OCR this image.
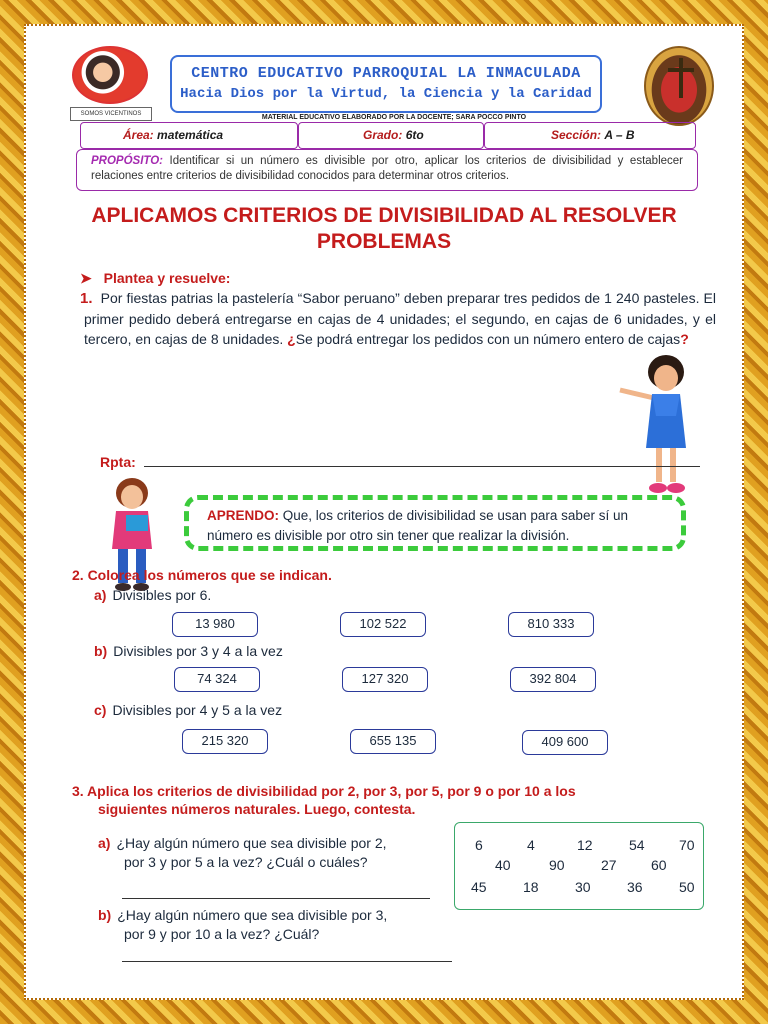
SOMOS VICENTINOS
CENTRO EDUCATIVO PARROQUIAL LA INMACULADA
Hacia Dios por la Virtud, la Ciencia y la Caridad
MATERIAL EDUCATIVO ELABORADO POR LA DOCENTE; SARA POCCO PINTO
Área: matemática	Grado: 6to	Sección: A – B
PROPÓSITO: Identificar si un número es divisible por otro, aplicar los criterios de divisibilidad y establecer relaciones entre criterios de divisibilidad conocidos para determinar otros criterios.
APLICAMOS CRITERIOS DE DIVISIBILIDAD AL RESOLVER PROBLEMAS
➤ Plantea y resuelve:
1. Por fiestas patrias la pastelería “Sabor peruano” deben preparar tres pedidos de 1 240 pasteles. El primer pedido deberá entregarse en cajas de 4 unidades; el segundo, en cajas de 6 unidades, y el tercero, en cajas de 8 unidades. ¿Se podrá entregar los pedidos con un número entero de cajas?
Rpta:
APRENDO: Que, los criterios de divisibilidad se usan para saber sí un número es divisible por otro sin tener que realizar la división.
2. Colorea los números que se indican.
a) Divisibles por 6.
13 980	102 522	810 333
b) Divisibles por 3 y 4 a la vez
74 324	127 320	392 804
c) Divisibles por 4 y 5 a la vez
215 320	655 135	409 600
3. Aplica los criterios de divisibilidad por 2, por 3, por 5, por 9 o por 10 a los
siguientes números naturales. Luego, contesta.
a) ¿Hay algún número que sea divisible por 2,
por 3 y por 5 a la vez? ¿Cuál o cuáles?
b) ¿Hay algún número que sea divisible por 3,
por 9 y por 10 a la vez? ¿Cuál?
6	4	12	54 70
40	90	27 60
45	18	30	36	50
